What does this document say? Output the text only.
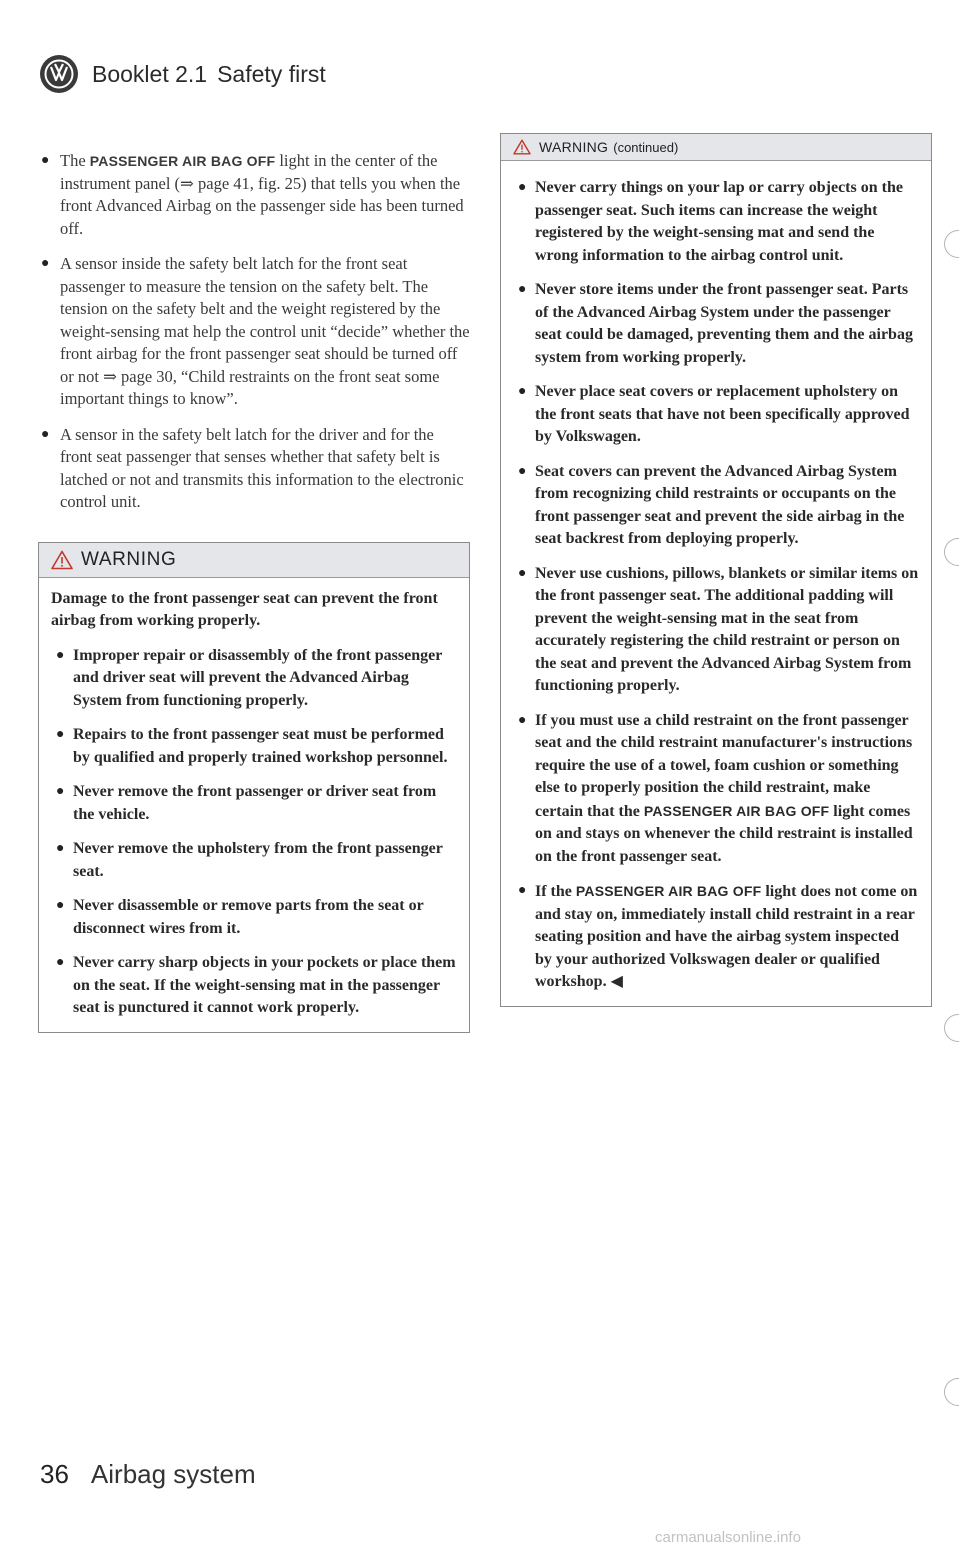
Booklet 2.1 Safety first
● The PASSENGER AIR BAG OFF light in the center of the instrument panel (⇒ page 41, fig. 25) that tells you when the front Advanced Airbag on the passenger side has been turned off.
● A sensor inside the safety belt latch for the front seat passenger to measure the tension on the safety belt. The tension on the safety belt and the weight registered by the weight-sensing mat help the control unit “decide” whether the front airbag for the front passenger seat should be turned off or not ⇒ page 30, “Child restraints on the front seat some important things to know”.
● A sensor in the safety belt latch for the driver and for the front seat passenger that senses whether that safety belt is latched or not and transmits this information to the electronic control unit.
WARNING
Damage to the front passenger seat can prevent the front airbag from working properly.
● Improper repair or disassembly of the front passenger and driver seat will prevent the Advanced Airbag System from functioning properly.
● Repairs to the front passenger seat must be performed by qualified and properly trained workshop personnel.
● Never remove the front passenger or driver seat from the vehicle.
● Never remove the upholstery from the front passenger seat.
● Never disassemble or remove parts from the seat or disconnect wires from it.
● Never carry sharp objects in your pockets or place them on the seat. If the weight-sensing mat in the passenger seat is punctured it cannot work properly.
WARNING (continued)
● Never carry things on your lap or carry objects on the passenger seat. Such items can increase the weight registered by the weight-sensing mat and send the wrong information to the airbag control unit.
● Never store items under the front passenger seat. Parts of the Advanced Airbag System under the passenger seat could be damaged, preventing them and the airbag system from working properly.
● Never place seat covers or replacement upholstery on the front seats that have not been specifically approved by Volkswagen.
● Seat covers can prevent the Advanced Airbag System from recognizing child restraints or occupants on the front passenger seat and prevent the side airbag in the seat backrest from deploying properly.
● Never use cushions, pillows, blankets or similar items on the front passenger seat. The additional padding will prevent the weight-sensing mat in the seat from accurately registering the child restraint or person on the seat and prevent the Advanced Airbag System from functioning properly.
● If you must use a child restraint on the front passenger seat and the child restraint manufacturer's instructions require the use of a towel, foam cushion or something else to properly position the child restraint, make certain that the PASSENGER AIR BAG OFF light comes on and stays on whenever the child restraint is installed on the front passenger seat.
● If the PASSENGER AIR BAG OFF light does not come on and stay on, immediately install child restraint in a rear seating position and have the airbag system inspected by your authorized Volkswagen dealer or qualified workshop. ◀
36 Airbag system
carmanualsonline.info
